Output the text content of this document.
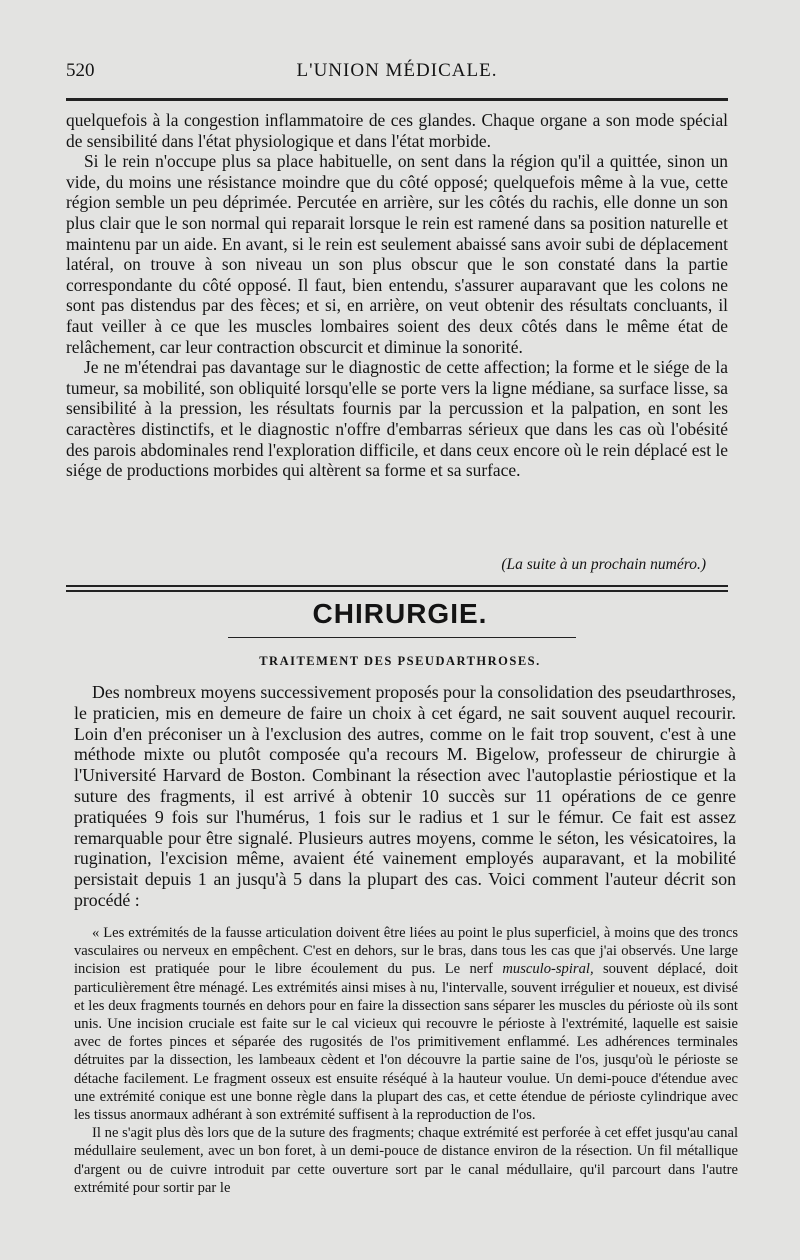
520	L'UNION MÉDICALE.

quelquefois à la congestion inflammatoire de ces glandes. Chaque organe a son mode spécial de sensibilité dans l'état physiologique et dans l'état morbide.

Si le rein n'occupe plus sa place habituelle, on sent dans la région qu'il a quittée, sinon un vide, du moins une résistance moindre que du côté opposé; quelquefois même à la vue, cette région semble un peu déprimée. Percutée en arrière, sur les côtés du rachis, elle donne un son plus clair que le son normal qui reparait lorsque le rein est ramené dans sa position naturelle et maintenu par un aide. En avant, si le rein est seulement abaissé sans avoir subi de déplacement latéral, on trouve à son niveau un son plus obscur que le son constaté dans la partie correspondante du côté opposé. Il faut, bien entendu, s'assurer auparavant que les colons ne sont pas distendus par des fèces; et si, en arrière, on veut obtenir des résultats concluants, il faut veiller à ce que les muscles lombaires soient des deux côtés dans le même état de relâchement, car leur contraction obscurcit et diminue la sonorité.

Je ne m'étendrai pas davantage sur le diagnostic de cette affection; la forme et le siége de la tumeur, sa mobilité, son obliquité lorsqu'elle se porte vers la ligne médiane, sa surface lisse, sa sensibilité à la pression, les résultats fournis par la percussion et la palpation, en sont les caractères distinctifs, et le diagnostic n'offre d'embarras sérieux que dans les cas où l'obésité des parois abdominales rend l'exploration difficile, et dans ceux encore où le rein déplacé est le siége de productions morbides qui altèrent sa forme et sa surface.

(La suite à un prochain numéro.)
CHIRURGIE.
TRAITEMENT DES PSEUDARTHROSES.

Des nombreux moyens successivement proposés pour la consolidation des pseudarthroses, le praticien, mis en demeure de faire un choix à cet égard, ne sait souvent auquel recourir. Loin d'en préconiser un à l'exclusion des autres, comme on le fait trop souvent, c'est à une méthode mixte ou plutôt composée qu'a recours M. Bigelow, professeur de chirurgie à l'Université Harvard de Boston. Combinant la résection avec l'autoplastie périostique et la suture des fragments, il est arrivé à obtenir 10 succès sur 11 opérations de ce genre pratiquées 9 fois sur l'humérus, 1 fois sur le radius et 1 sur le fémur. Ce fait est assez remarquable pour être signalé. Plusieurs autres moyens, comme le séton, les vésicatoires, la rugination, l'excision même, avaient été vainement employés auparavant, et la mobilité persistait depuis 1 an jusqu'à 5 dans la plupart des cas. Voici comment l'auteur décrit son procédé :

« Les extrémités de la fausse articulation doivent être liées au point le plus superficiel, à moins que des troncs vasculaires ou nerveux en empêchent. C'est en dehors, sur le bras, dans tous les cas que j'ai observés. Une large incision est pratiquée pour le libre écoulement du pus. Le nerf musculo-spiral, souvent déplacé, doit particulièrement être ménagé. Les extrémités ainsi mises à nu, l'intervalle, souvent irrégulier et noueux, est divisé et les deux fragments tournés en dehors pour en faire la dissection sans séparer les muscles du périoste où ils sont unis. Une incision cruciale est faite sur le cal vicieux qui recouvre le périoste à l'extrémité, laquelle est saisie avec de fortes pinces et séparée des rugosités de l'os primitivement enflammé. Les adhérences terminales détruites par la dissection, les lambeaux cèdent et l'on découvre la partie saine de l'os, jusqu'où le périoste se détache facilement. Le fragment osseux est ensuite réséqué à la hauteur voulue. Un demi-pouce d'étendue avec une extrémité conique est une bonne règle dans la plupart des cas, et cette étendue de périoste cylindrique avec les tissus anormaux adhérant à son extrémité suffisent à la reproduction de l'os.

Il ne s'agit plus dès lors que de la suture des fragments; chaque extrémité est perforée à cet effet jusqu'au canal médullaire seulement, avec un bon foret, à un demi-pouce de distance environ de la résection. Un fil métallique d'argent ou de cuivre introduit par cette ouverture sort par le canal médullaire, qu'il parcourt dans l'autre extrémité pour sortir par le
